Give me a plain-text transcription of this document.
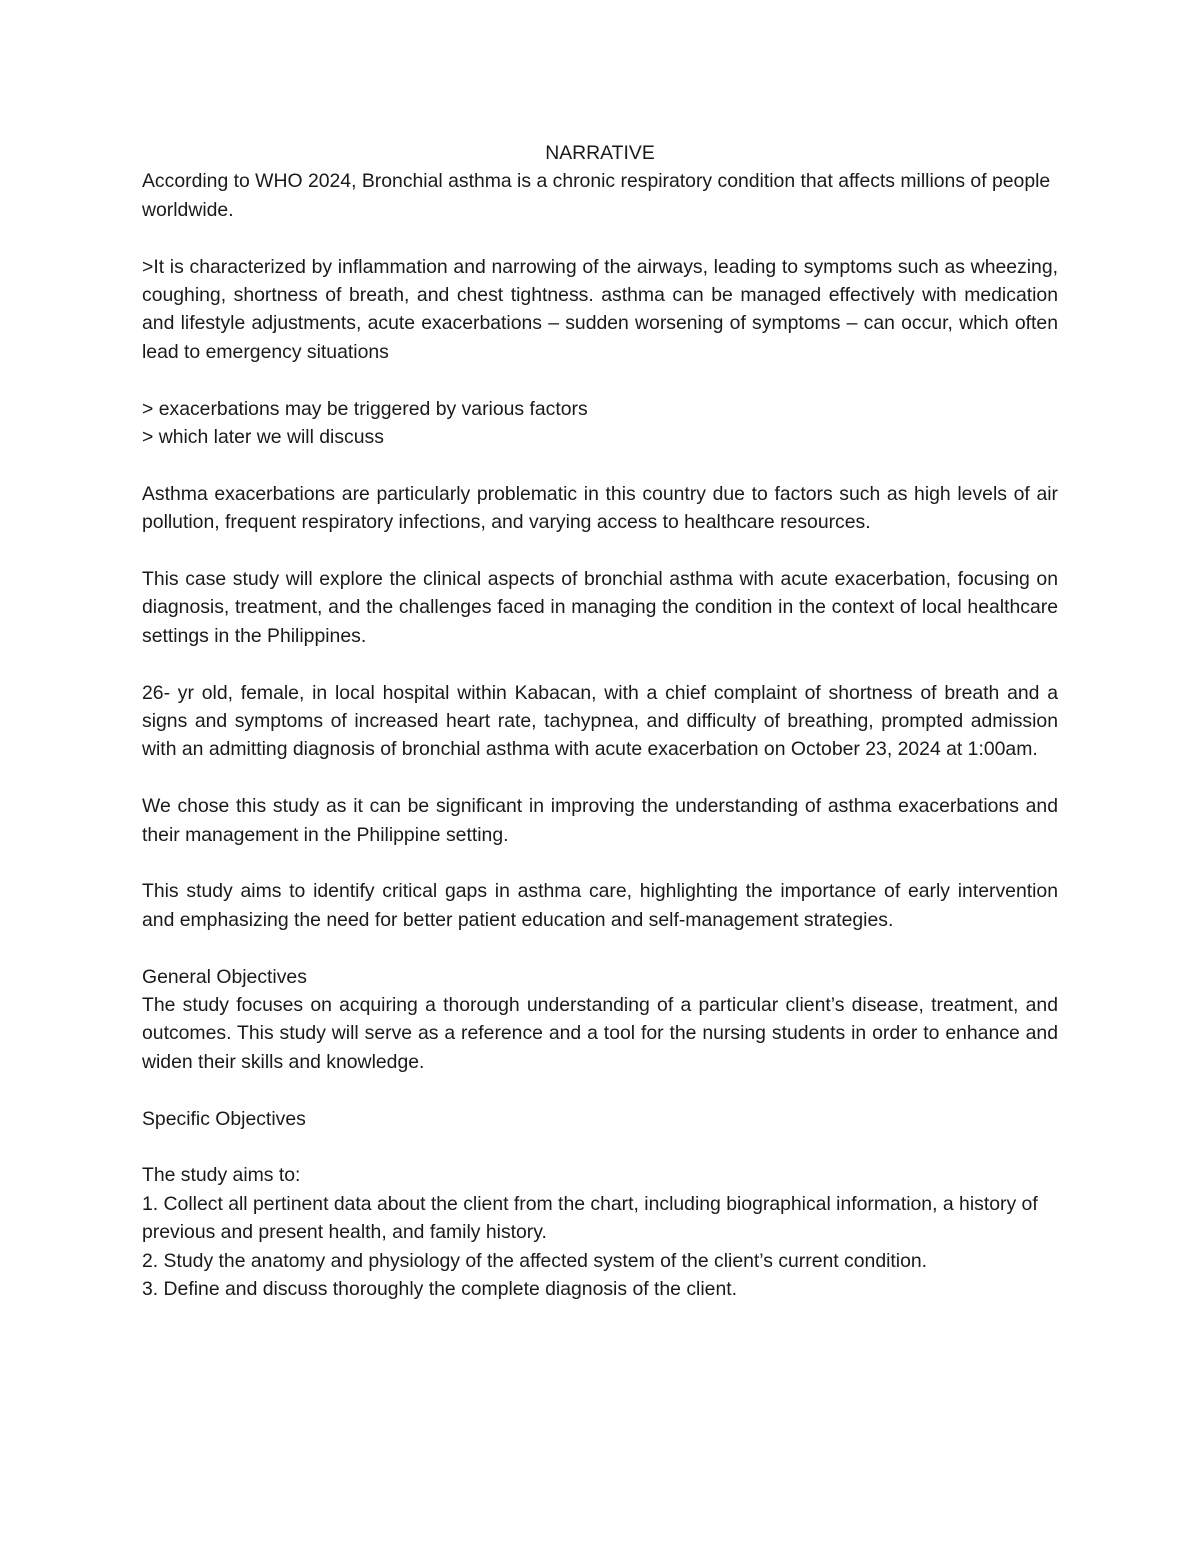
NARRATIVE

According to WHO 2024, Bronchial asthma is a chronic respiratory condition that affects millions of people worldwide.

>It is characterized by inflammation and narrowing of the airways, leading to symptoms such as wheezing, coughing, shortness of breath, and chest tightness. asthma can be managed effectively with medication and lifestyle adjustments, acute exacerbations – sudden worsening of symptoms – can occur, which often lead to emergency situations

> exacerbations may be triggered by various factors

> which later we will discuss

Asthma exacerbations are particularly problematic in this country due to factors such as high levels of air pollution, frequent respiratory infections, and varying access to healthcare resources.

This case study will explore the clinical aspects of bronchial asthma with acute exacerbation, focusing on diagnosis, treatment, and the challenges faced in managing the condition in the context of local healthcare settings in the Philippines.

26- yr old, female, in local hospital within Kabacan, with a chief complaint of shortness of breath and a signs and symptoms of increased heart rate, tachypnea, and difficulty of breathing, prompted admission with an admitting diagnosis of bronchial asthma with acute exacerbation on October 23, 2024 at 1:00am.

We chose this study as it can be significant in improving the understanding of asthma exacerbations and their management in the Philippine setting.

This study aims to identify critical gaps in asthma care, highlighting the importance of early intervention and emphasizing the need for better patient education and self-management strategies.

General Objectives

The study focuses on acquiring a thorough understanding of a particular client’s disease, treatment, and outcomes. This study will serve as a reference and a tool for the nursing students in order to enhance and widen their skills and knowledge.

Specific Objectives

The study aims to:

1. Collect all pertinent data about the client from the chart, including biographical information, a history of previous and present health, and family history.

2. Study the anatomy and physiology of the affected system of the client’s current condition.

3. Define and discuss thoroughly the complete diagnosis of the client.
